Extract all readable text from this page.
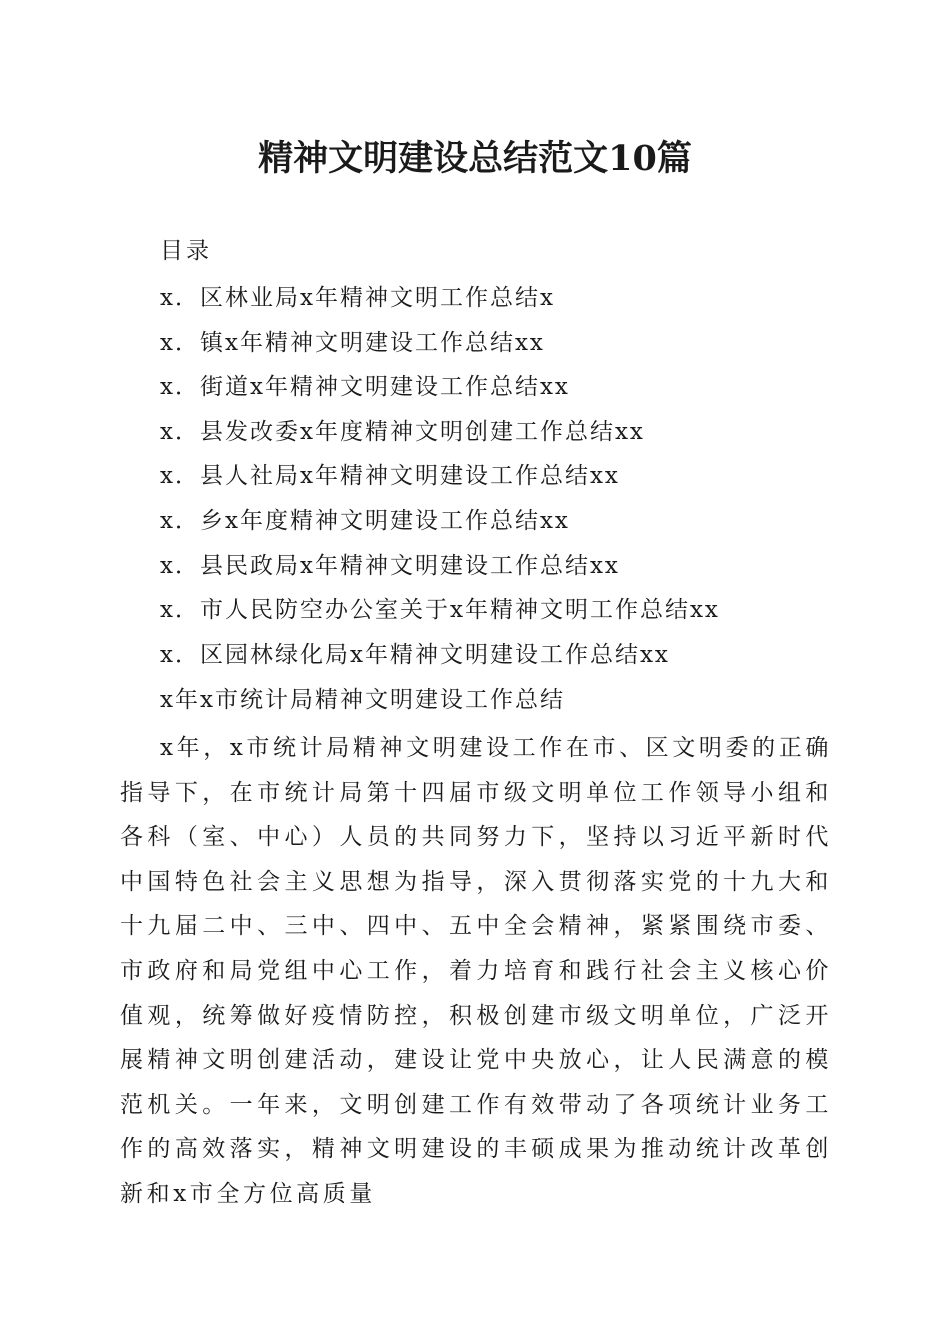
精神文明建设总结范文10篇
目录
x．区林业局x年精神文明工作总结x
x．镇x年精神文明建设工作总结xx
x．街道x年精神文明建设工作总结xx
x．县发改委x年度精神文明创建工作总结xx
x．县人社局x年精神文明建设工作总结xx
x．乡x年度精神文明建设工作总结xx
x．县民政局x年精神文明建设工作总结xx
x．市人民防空办公室关于x年精神文明工作总结xx
x．区园林绿化局x年精神文明建设工作总结xx
x年x市统计局精神文明建设工作总结

x年，x市统计局精神文明建设工作在市、区文明委的正确指导下，在市统计局第十四届市级文明单位工作领导小组和各科（室、中心）人员的共同努力下，坚持以习近平新时代中国特色社会主义思想为指导，深入贯彻落实党的十九大和十九届二中、三中、四中、五中全会精神，紧紧围绕市委、市政府和局党组中心工作，着力培育和践行社会主义核心价值观，统筹做好疫情防控，积极创建市级文明单位，广泛开展精神文明创建活动，建设让党中央放心，让人民满意的模范机关。一年来，文明创建工作有效带动了各项统计业务工作的高效落实，精神文明建设的丰硕成果为推动统计改革创新和x市全方位高质量
